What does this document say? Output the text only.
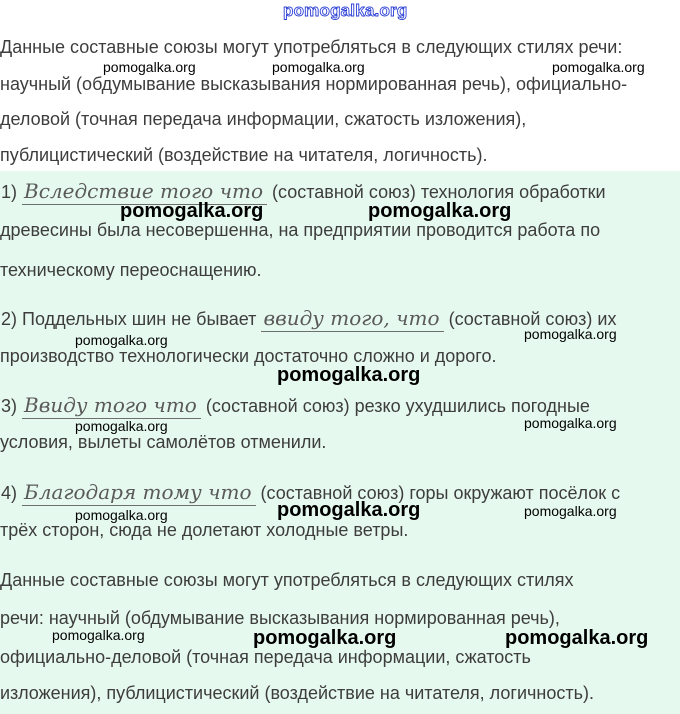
pomogalka.org
Данные составные союзы могут употребляться в следующих стилях речи:
научный (обдумывание высказывания нормированная речь), официально-
деловой (точная передача информации, сжатость изложения),
публицистический (воздействие на читателя, логичность).
1) Вследствие того что (составной союз) технология обработки
древесины была несовершенна, на предприятии проводится работа по
техническому переоснащению.
2) Поддельных шин не бывает ввиду того, что (составной союз) их
производство технологически достаточно сложно и дорого.
3) Ввиду того что (составной союз) резко ухудшились погодные
условия, вылеты самолётов отменили.
4) Благодаря тому что (составной союз) горы окружают посёлок с
трёх сторон, сюда не долетают холодные ветры.
Данные составные союзы могут употребляться в следующих стилях
речи: научный (обдумывание высказывания нормированная речь),
официально-деловой (точная передача информации, сжатость
изложения), публицистический (воздействие на читателя, логичность).
pomogalka.org	pomogalka.org	pomogalka.org
pomogalka.org	pomogalka.org
pomogalka.org	pomogalka.org
pomogalka.org
pomogalka.org	pomogalka.org
pomogalka.org	pomogalka.org	pomogalka.org
pomogalka.org	pomogalka.org	pomogalka.org
